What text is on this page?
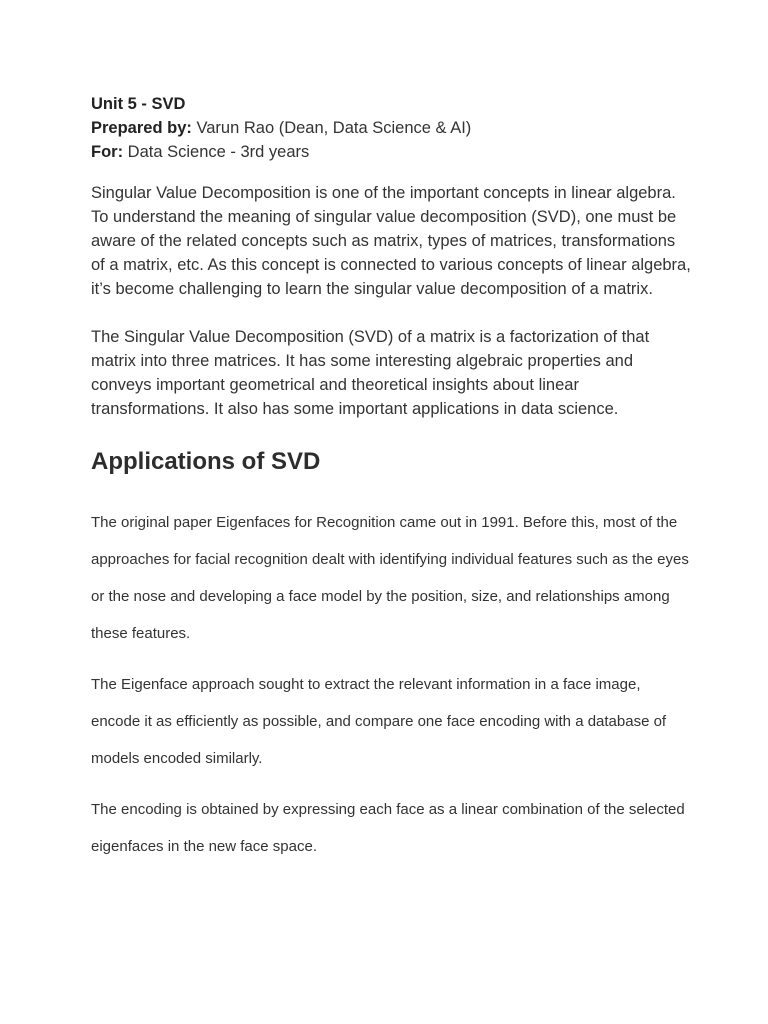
Unit 5 - SVD

Prepared by: Varun Rao (Dean, Data Science & AI)

For: Data Science - 3rd years

Singular Value Decomposition is one of the important concepts in linear algebra. To understand the meaning of singular value decomposition (SVD), one must be aware of the related concepts such as matrix, types of matrices, transformations of a matrix, etc. As this concept is connected to various concepts of linear algebra, it’s become challenging to learn the singular value decomposition of a matrix.

The Singular Value Decomposition (SVD) of a matrix is a factorization of that matrix into three matrices. It has some interesting algebraic properties and conveys important geometrical and theoretical insights about linear transformations. It also has some important applications in data science.

Applications of SVD

The original paper Eigenfaces for Recognition came out in 1991. Before this, most of the approaches for facial recognition dealt with identifying individual features such as the eyes or the nose and developing a face model by the position, size, and relationships among these features.

The Eigenface approach sought to extract the relevant information in a face image, encode it as efficiently as possible, and compare one face encoding with a database of models encoded similarly.

The encoding is obtained by expressing each face as a linear combination of the selected eigenfaces in the new face space.
